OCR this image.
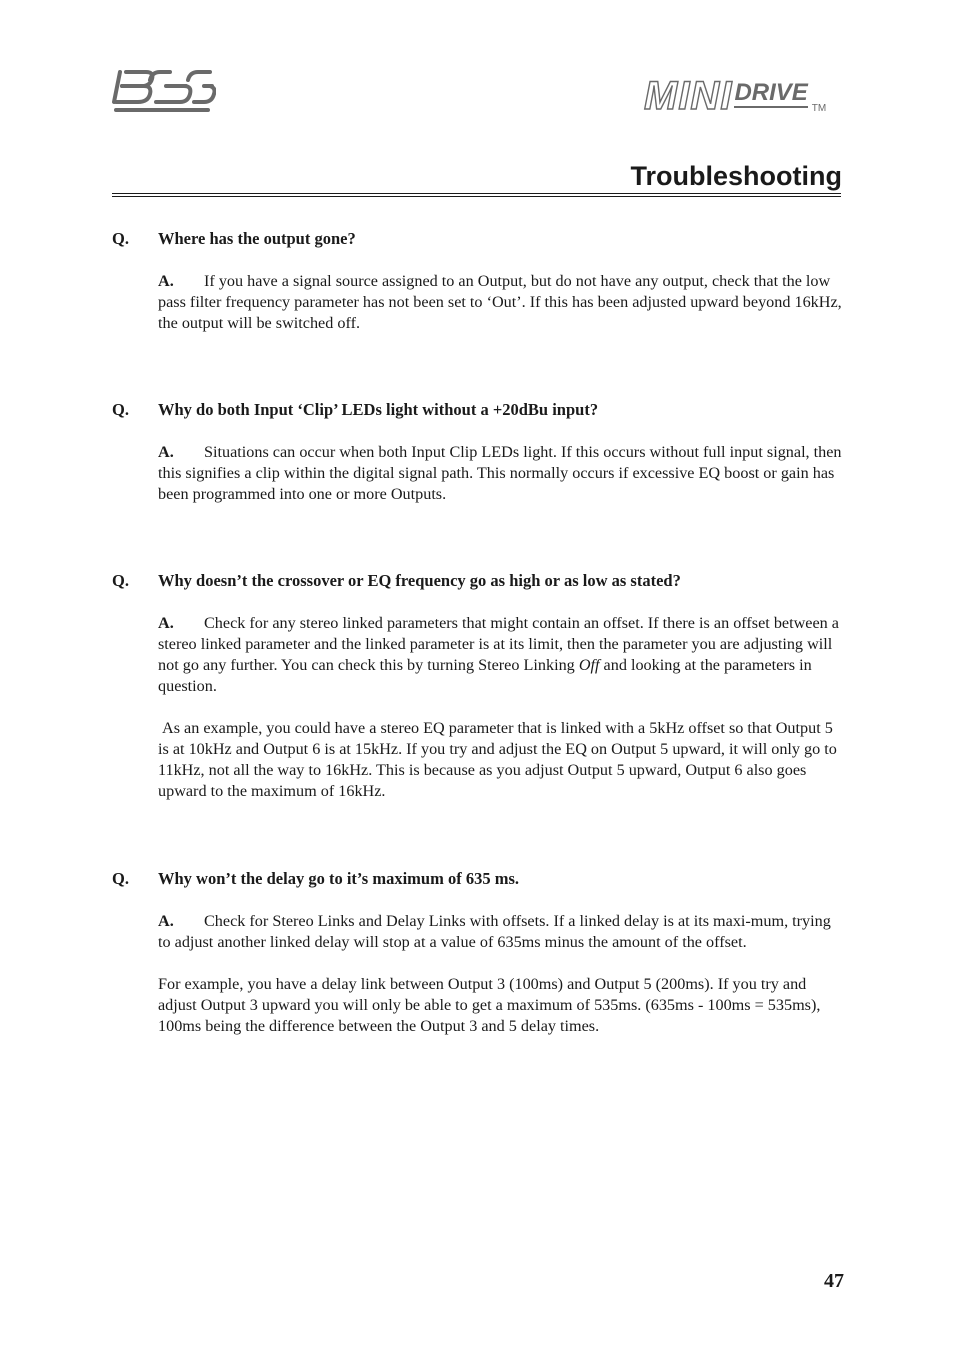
MINI DRIVE
TM
Troubleshooting
Q. Where has the output gone?

A. If you have a signal source assigned to an Output, but do not have any output, check that the low pass filter frequency parameter has not been set to ‘Out’. If this has been adjusted upward beyond 16kHz, the output will be switched off.

Q. Why do both Input ‘Clip’ LEDs light without a +20dBu input?

A. Situations can occur when both Input Clip LEDs light. If this occurs without full input signal, then this signifies a clip within the digital signal path. This normally occurs if excessive EQ boost or gain has been programmed into one or more Outputs.

Q. Why doesn’t the crossover or EQ frequency go as high or as low as stated?

A. Check for any stereo linked parameters that might contain an offset. If there is an offset between a stereo linked parameter and the linked parameter is at its limit, then the parameter you are adjusting will not go any further. You can check this by turning Stereo Linking Off and looking at the parameters in question.

As an example, you could have a stereo EQ parameter that is linked with a 5kHz offset so that Output 5 is at 10kHz and Output 6 is at 15kHz. If you try and adjust the EQ on Output 5 upward, it will only go to 11kHz, not all the way to 16kHz. This is because as you adjust Output 5 upward, Output 6 also goes upward to the maximum of 16kHz.

Q. Why won’t the delay go to it’s maximum of 635 ms.

A. Check for Stereo Links and Delay Links with offsets. If a linked delay is at its maxi-mum, trying to adjust another linked delay will stop at a value of 635ms minus the amount of the offset.

For example, you have a delay link between Output 3 (100ms) and Output 5 (200ms). If you try and adjust Output 3 upward you will only be able to get a maximum of 535ms. (635ms - 100ms = 535ms), 100ms being the difference between the Output 3 and 5 delay times.

47
